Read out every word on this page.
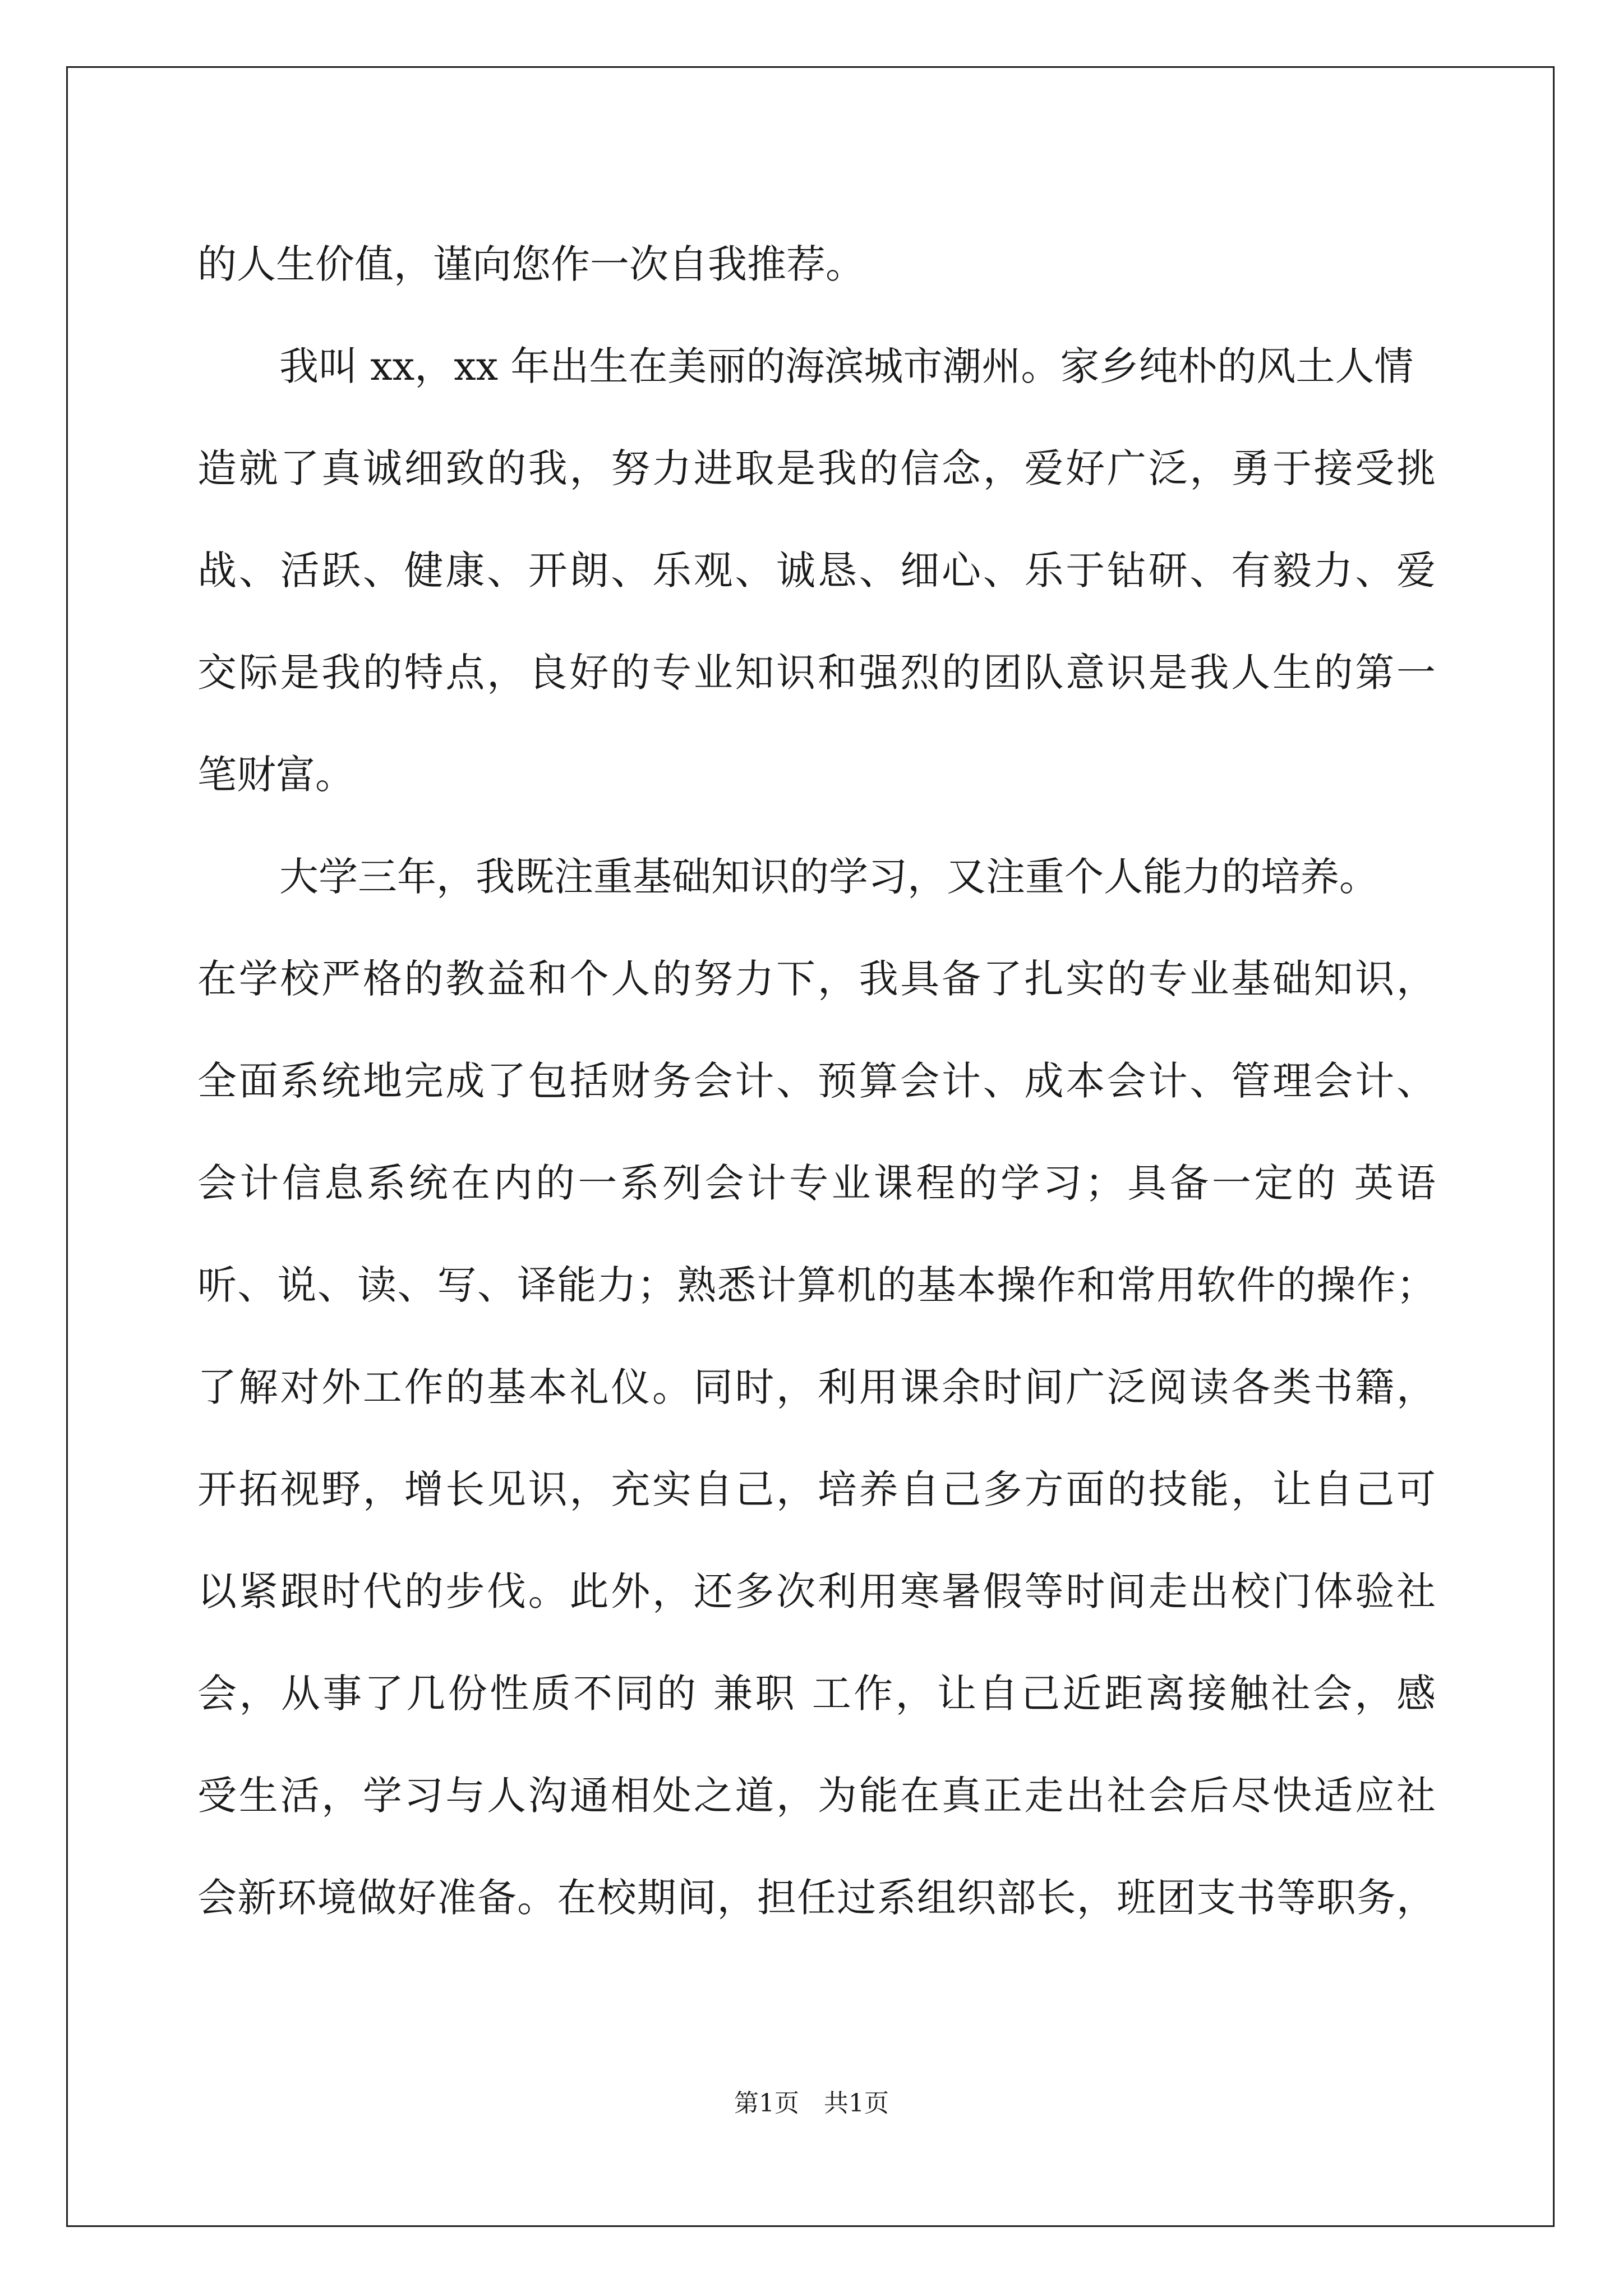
的人生价值，谨向您作一次自我推荐。
我叫 xx，xx 年出生在美丽的海滨城市潮州。家乡纯朴的风土人情
造就了真诚细致的我，努力进取是我的信念，爱好广泛，勇于接受挑
战、活跃、健康、开朗、乐观、诚恳、细心、乐于钻研、有毅力、爱
交际是我的特点，良好的专业知识和强烈的团队意识是我人生的第一
笔财富。
大学三年，我既注重基础知识的学习，又注重个人能力的培养。
在学校严格的教益和个人的努力下，我具备了扎实的专业基础知识，
全面系统地完成了包括财务会计、预算会计、成本会计、管理会计、
会计信息系统在内的一系列会计专业课程的学习；具备一定的 英语
听、说、读、写、译能力；熟悉计算机的基本操作和常用软件的操作；
了解对外工作的基本礼仪。同时，利用课余时间广泛阅读各类书籍，
开拓视野，增长见识，充实自己，培养自己多方面的技能，让自己可
以紧跟时代的步伐。此外，还多次利用寒暑假等时间走出校门体验社
会，从事了几份性质不同的 兼职 工作，让自己近距离接触社会，感
受生活，学习与人沟通相处之道，为能在真正走出社会后尽快适应社
会新环境做好准备。在校期间，担任过系组织部长，班团支书等职务，
第1页　共1页
